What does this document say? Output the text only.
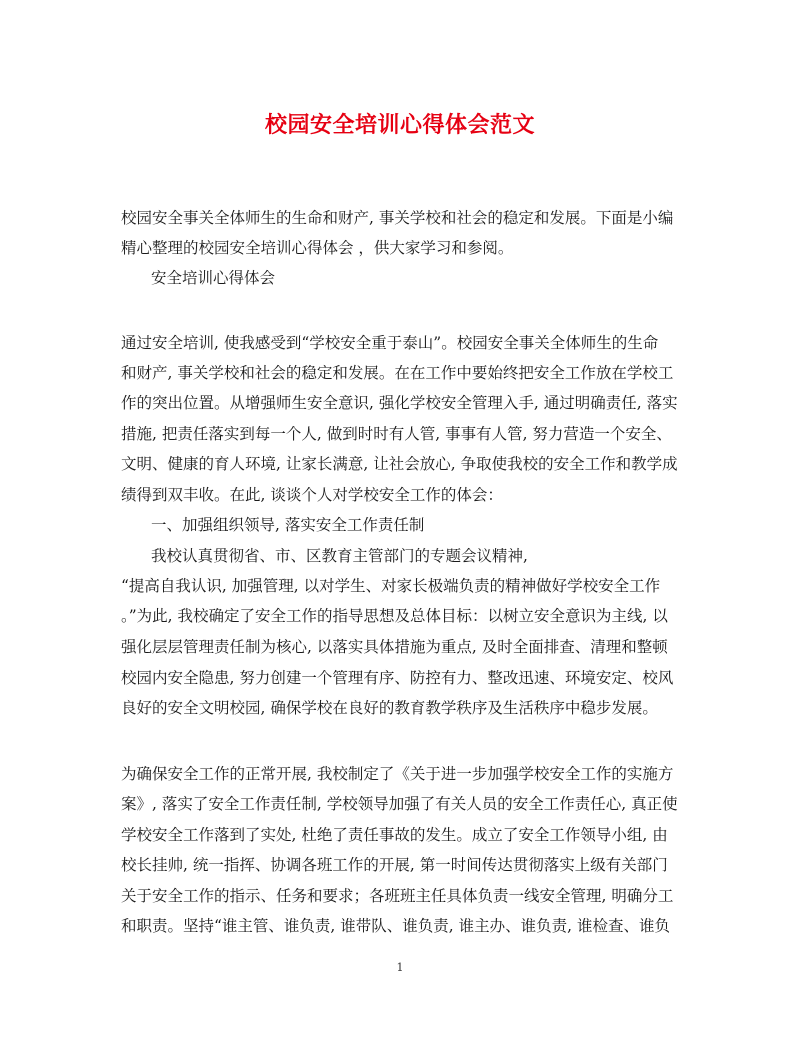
校园安全培训心得体会范文
校园安全事关全体师生的生命和财产, 事关学校和社会的稳定和发展。下面是小编
精心整理的校园安全培训心得体会 ，供大家学习和参阅。
安全培训心得体会
通过安全培训, 使我感受到“学校安全重于泰山”。校园安全事关全体师生的生命
和财产, 事关学校和社会的稳定和发展。在在工作中要始终把安全工作放在学校工
作的突出位置。从增强师生安全意识, 强化学校安全管理入手, 通过明确责任, 落实
措施, 把责任落实到每一个人, 做到时时有人管, 事事有人管, 努力营造一个安全、
文明、健康的育人环境, 让家长满意, 让社会放心, 争取使我校的安全工作和教学成
绩得到双丰收。在此, 谈谈个人对学校安全工作的体会：
一、加强组织领导, 落实安全工作责任制
我校认真贯彻省、市、区教育主管部门的专题会议精神,
“提高自我认识, 加强管理, 以对学生、对家长极端负责的精神做好学校安全工作
。”为此, 我校确定了安全工作的指导思想及总体目标：以树立安全意识为主线, 以
强化层层管理责任制为核心, 以落实具体措施为重点, 及时全面排查、清理和整顿
校园内安全隐患, 努力创建一个管理有序、防控有力、整改迅速、环境安定、校风
良好的安全文明校园, 确保学校在良好的教育教学秩序及生活秩序中稳步发展。
为确保安全工作的正常开展, 我校制定了《关于进一步加强学校安全工作的实施方
案》, 落实了安全工作责任制, 学校领导加强了有关人员的安全工作责任心, 真正使
学校安全工作落到了实处, 杜绝了责任事故的发生。成立了安全工作领导小组, 由
校长挂帅, 统一指挥、协调各班工作的开展, 第一时间传达贯彻落实上级有关部门
关于安全工作的指示、任务和要求；各班班主任具体负责一线安全管理, 明确分工
和职责。坚持“谁主管、谁负责, 谁带队、谁负责, 谁主办、谁负责, 谁检查、谁负
1
